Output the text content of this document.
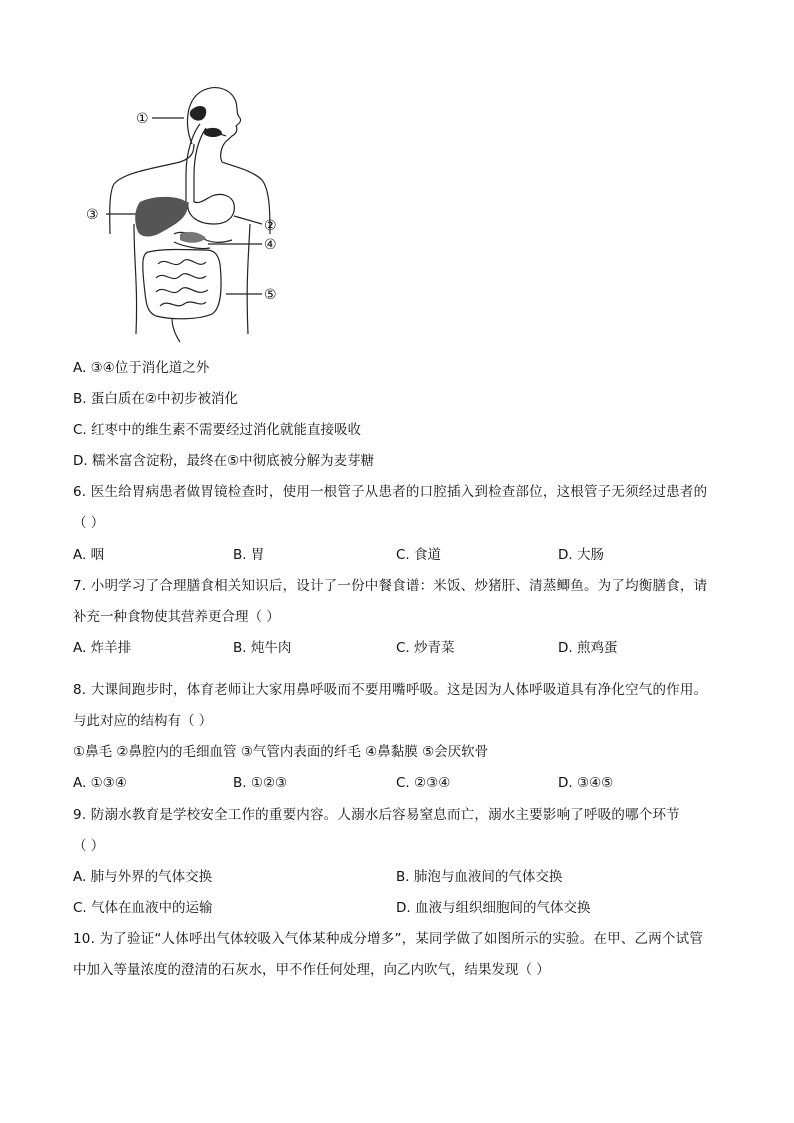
①
③
②
④
⑤
A. ③④位于消化道之外
B. 蛋白质在②中初步被消化
C. 红枣中的维生素不需要经过消化就能直接吸收
D. 糯米富含淀粉，最终在⑤中彻底被分解为麦芽糖
6. 医生给胃病患者做胃镜检查时，使用一根管子从患者的口腔插入到检查部位，这根管子无须经过患者的
（ ）
A. 咽	B. 胃	C. 食道	D. 大肠
7. 小明学习了合理膳食相关知识后，设计了一份中餐食谱：米饭、炒猪肝、清蒸鲫鱼。为了均衡膳食，请
补充一种食物使其营养更合理（ ）
A. 炸羊排	B. 炖牛肉	C. 炒青菜	D. 煎鸡蛋
8. 大课间跑步时，体育老师让大家用鼻呼吸而不要用嘴呼吸。这是因为人体呼吸道具有净化空气的作用。
与此对应的结构有（ ）
①鼻毛 ②鼻腔内的毛细血管 ③气管内表面的纤毛 ④鼻黏膜 ⑤会厌软骨
A. ①③④	B. ①②③	C. ②③④	D. ③④⑤
9. 防溺水教育是学校安全工作的重要内容。人溺水后容易窒息而亡，溺水主要影响了呼吸的哪个环节
（ ）
A. 肺与外界的气体交换	B. 肺泡与血液间的气体交换
C. 气体在血液中的运输	D. 血液与组织细胞间的气体交换
10. 为了验证“人体呼出气体较吸入气体某种成分增多”，某同学做了如图所示的实验。在甲、乙两个试管
中加入等量浓度的澄清的石灰水，甲不作任何处理，向乙内吹气，结果发现（ ）
